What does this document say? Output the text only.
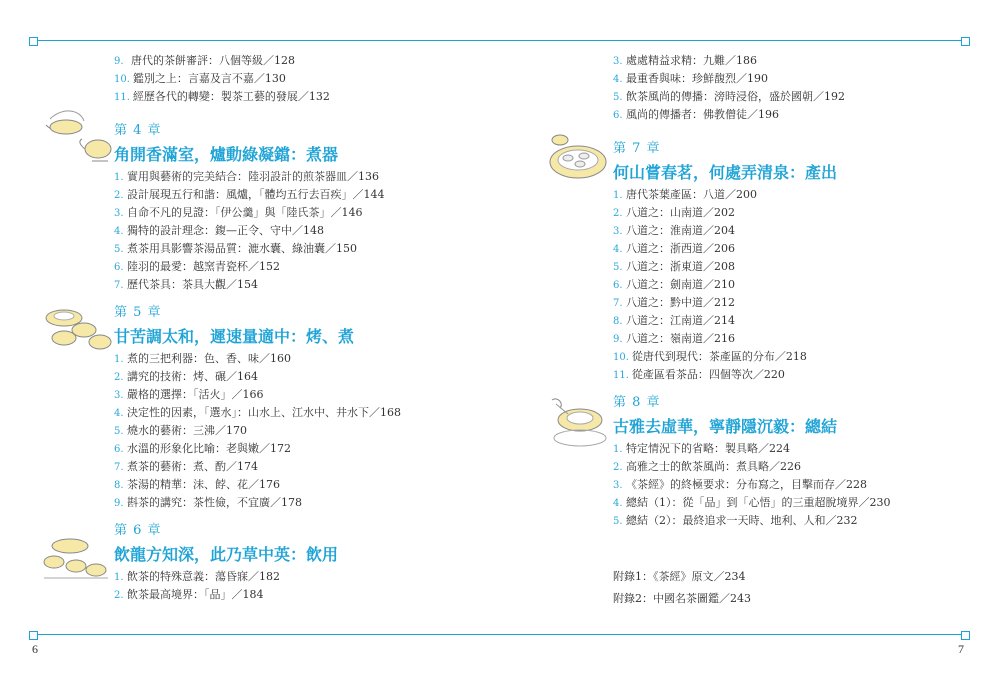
6	7
9. 唐代的茶餅審評：八個等級／128
10. 鑑別之上：言嘉及言不嘉／130
11. 經歷各代的轉變：製茶工藝的發展／132
第 4 章
角開香滿室，爐動綠凝鐺：煮器
1. 實用與藝術的完美結合：陸羽設計的煎茶器皿／136
2. 設計展現五行和諧：風爐，「體均五行去百疾」／144
3. 自命不凡的見證：「伊公羹」與「陸氏茶」／146
4. 獨特的設計理念：鍑—正令、守中／148
5. 煮茶用具影響茶湯品質：漉水囊、綠油囊／150
6. 陸羽的最愛：越窯青瓷杯／152
7. 歷代茶具：茶具大觀／154
第 5 章
甘苦調太和，遲速量適中：烤、煮
1. 煮的三把利器：色、香、味／160
2. 講究的技術：烤、碾／164
3. 嚴格的選擇：「活火」／166
4. 決定性的因素，「選水」：山水上、江水中、井水下／168
5. 燒水的藝術：三沸／170
6. 水溫的形象化比喻：老與嫩／172
7. 煮茶的藝術：煮、酌／174
8. 茶湯的精華：沫、餑、花／176
9. 斟茶的講究：茶性儉，不宜廣／178
第 6 章
飲龍方知深，此乃草中英：飲用
1. 飲茶的特殊意義：蕩昏寐／182
2. 飲茶最高境界：「品」／184
3. 處處精益求精：九難／186
4. 最重香與味：珍鮮馥烈／190
5. 飲茶風尚的傳播：滂時浸俗，盛於國朝／192
6. 風尚的傳播者：佛教僧徒／196
第 7 章
何山嘗春茗，何處弄清泉：產出
1. 唐代茶葉產區：八道／200
2. 八道之：山南道／202
3. 八道之：淮南道／204
4. 八道之：浙西道／206
5. 八道之：浙東道／208
6. 八道之：劍南道／210
7. 八道之：黔中道／212
8. 八道之：江南道／214
9. 八道之：嶺南道／216
10. 從唐代到現代：茶產區的分布／218
11. 從產區看茶品：四個等次／220
第 8 章
古雅去虛華，寧靜隱沉毅：總結
1. 特定情況下的省略：製具略／224
2. 高雅之士的飲茶風尚：煮具略／226
3. 《茶經》的終極要求：分布寫之，目擊而存／228
4. 總結（1）：從「品」到「心悟」的三重超脫境界／230
5. 總結（2）：最終追求一天時、地利、人和／232
附錄1：《茶經》原文／234
附錄2：中國名茶圖鑑／243
